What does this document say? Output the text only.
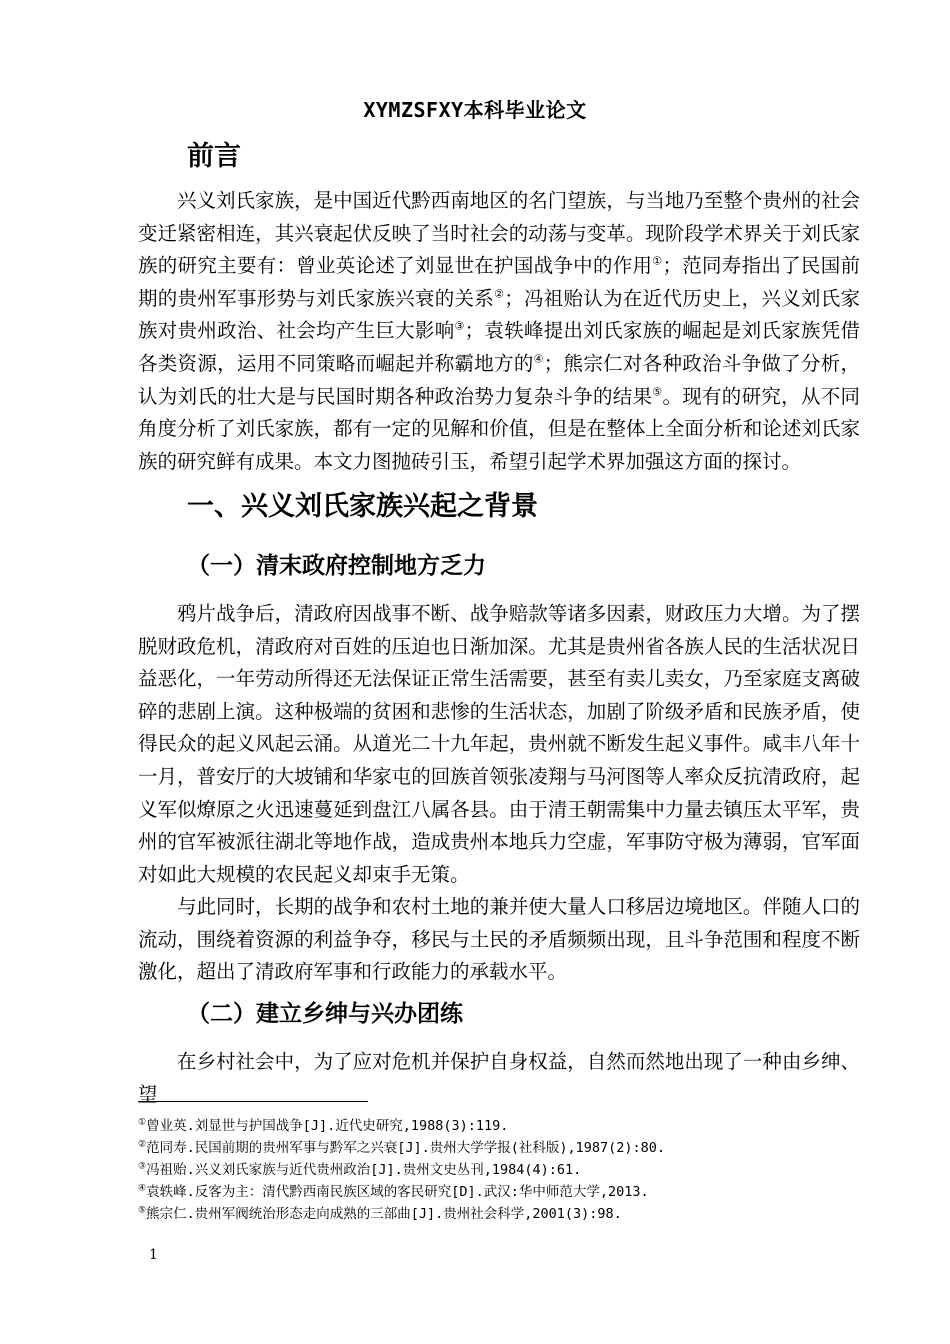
XYMZSFXY本科毕业论文
前言

兴义刘氏家族，是中国近代黔西南地区的名门望族，与当地乃至整个贵州的社会变迁紧密相连，其兴衰起伏反映了当时社会的动荡与变革。现阶段学术界关于刘氏家族的研究主要有：曾业英论述了刘显世在护国战争中的作用①；范同寿指出了民国前期的贵州军事形势与刘氏家族兴衰的关系②；冯祖贻认为在近代历史上，兴义刘氏家族对贵州政治、社会均产生巨大影响③；袁轶峰提出刘氏家族的崛起是刘氏家族凭借各类资源，运用不同策略而崛起并称霸地方的④；熊宗仁对各种政治斗争做了分析，认为刘氏的壮大是与民国时期各种政治势力复杂斗争的结果⑤。现有的研究，从不同角度分析了刘氏家族，都有一定的见解和价值，但是在整体上全面分析和论述刘氏家族的研究鲜有成果。本文力图抛砖引玉，希望引起学术界加强这方面的探讨。

一、兴义刘氏家族兴起之背景
（一）清末政府控制地方乏力

鸦片战争后，清政府因战事不断、战争赔款等诸多因素，财政压力大增。为了摆脱财政危机，清政府对百姓的压迫也日渐加深。尤其是贵州省各族人民的生活状况日益恶化，一年劳动所得还无法保证正常生活需要，甚至有卖儿卖女，乃至家庭支离破碎的悲剧上演。这种极端的贫困和悲惨的生活状态，加剧了阶级矛盾和民族矛盾，使得民众的起义风起云涌。从道光二十九年起，贵州就不断发生起义事件。咸丰八年十一月，普安厅的大坡铺和华家屯的回族首领张凌翔与马河图等人率众反抗清政府，起义军似燎原之火迅速蔓延到盘江八属各县。由于清王朝需集中力量去镇压太平军，贵州的官军被派往湖北等地作战，造成贵州本地兵力空虚，军事防守极为薄弱，官军面对如此大规模的农民起义却束手无策。

与此同时，长期的战争和农村土地的兼并使大量人口移居边境地区。伴随人口的流动，围绕着资源的利益争夺，移民与土民的矛盾频频出现，且斗争范围和程度不断激化，超出了清政府军事和行政能力的承载水平。

（二）建立乡绅与兴办团练

在乡村社会中，为了应对危机并保护自身权益，自然而然地出现了一种由乡绅、望

①曾业英.刘显世与护国战争[J].近代史研究,1988(3):119.
②范同寿.民国前期的贵州军事与黔军之兴衰[J].贵州大学学报(社科版),1987(2):80.
③冯祖贻.兴义刘氏家族与近代贵州政治[J].贵州文史丛刊,1984(4):61.
④袁轶峰.反客为主：清代黔西南民族区域的客民研究[D].武汉:华中师范大学,2013.
⑤熊宗仁.贵州军阀统治形态走向成熟的三部曲[J].贵州社会科学,2001(3):98.
1
